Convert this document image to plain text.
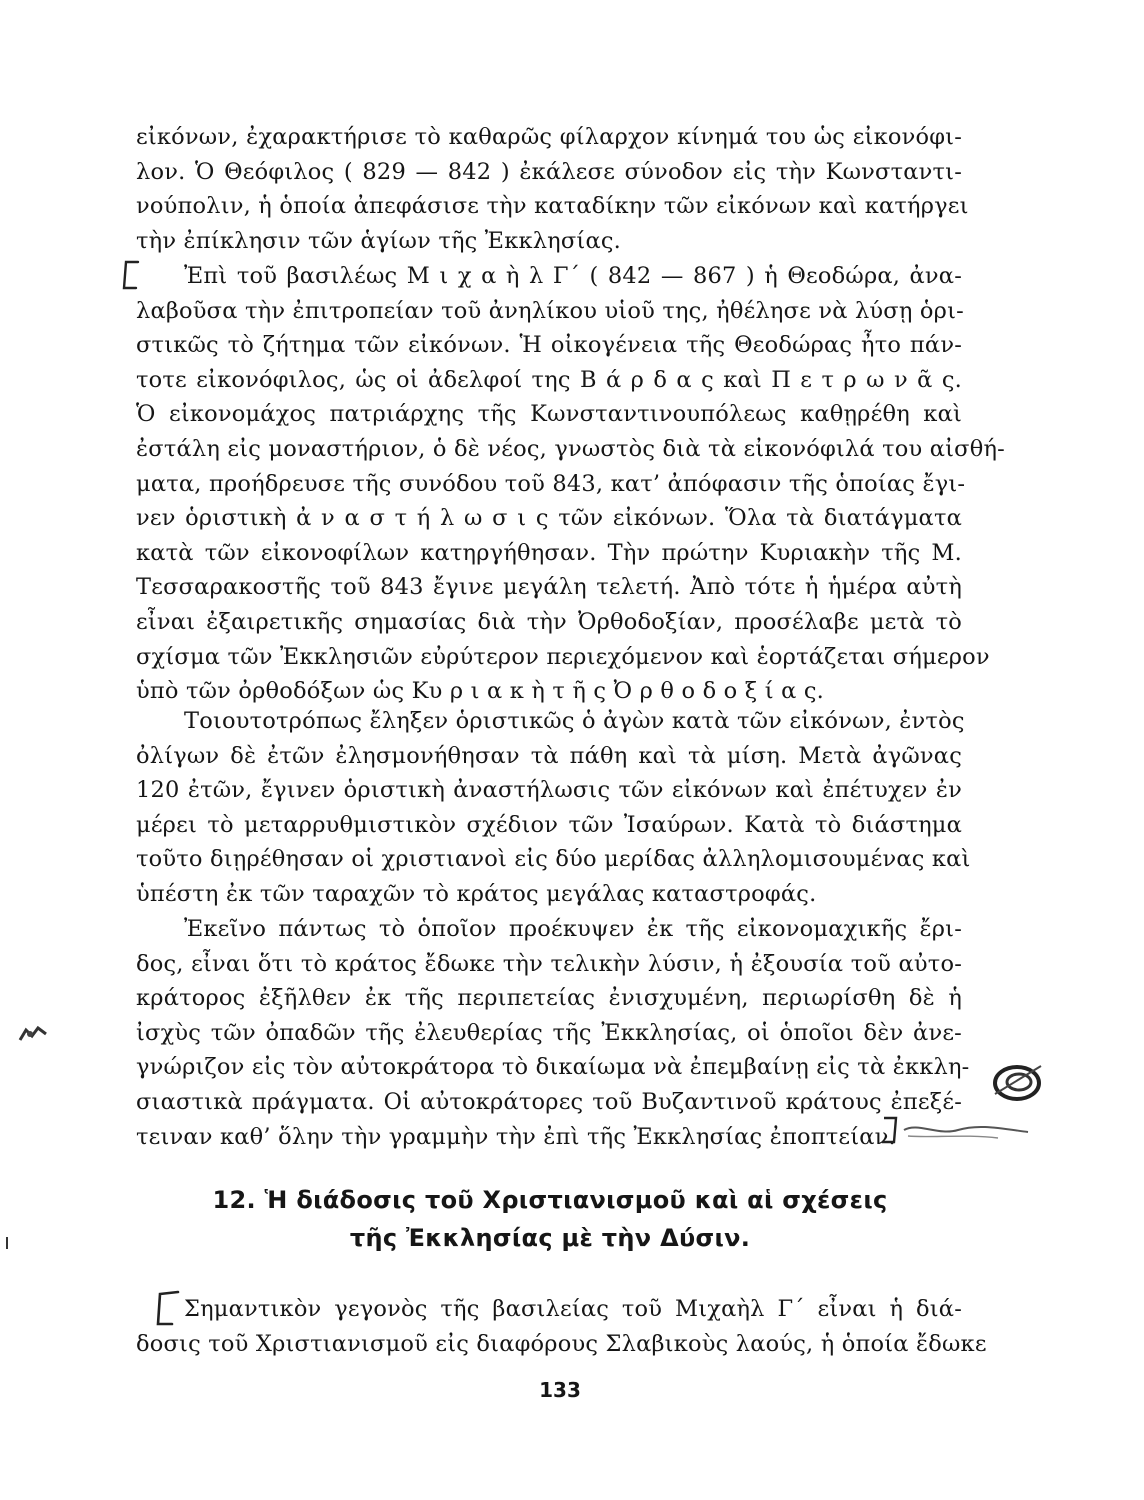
εἰκόνων, ἐχαρακτήρισε τὸ καθαρῶς φίλαρχον κίνημά του ὡς εἰκονόφι-
λον. Ὁ Θεόφιλος ( 829 — 842 ) ἐκάλεσε σύνοδον εἰς τὴν Κωνσταντι-
νούπολιν, ἡ ὁποία ἀπεφάσισε τὴν καταδίκην τῶν εἰκόνων καὶ κατήργει
τὴν ἐπίκλησιν τῶν ἁγίων τῆς Ἐκκλησίας.
Ἐπὶ τοῦ βασιλέως Μ ι χ α ὴ λ Γ΄ ( 842 — 867 ) ἡ Θεοδώρα, ἀνα-
λαβοῦσα τὴν ἐπιτροπείαν τοῦ ἀνηλίκου υἱοῦ της, ἠθέλησε νὰ λύσῃ ὁρι-
στικῶς τὸ ζήτημα τῶν εἰκόνων. Ἡ οἰκογένεια τῆς Θεοδώρας ἦτο πάν-
τοτε εἰκονόφιλος, ὡς οἱ ἀδελφοί της Β ά ρ δ α ς καὶ Π ε τ ρ ω ν ᾶ ς.
Ὁ εἰκονομάχος πατριάρχης τῆς Κωνσταντινουπόλεως καθῃρέθη καὶ
ἐστάλη εἰς μοναστήριον, ὁ δὲ νέος, γνωστὸς διὰ τὰ εἰκονόφιλά του αἰσθή-
ματα, προήδρευσε τῆς συνόδου τοῦ 843, κατ’ ἀπόφασιν τῆς ὁποίας ἔγι-
νεν ὁριστικὴ ἀ ν α σ τ ή λ ω σ ι ς τῶν εἰκόνων. Ὅλα τὰ διατάγματα
κατὰ τῶν εἰκονοφίλων κατηργήθησαν. Τὴν πρώτην Κυριακὴν τῆς Μ.
Τεσσαρακοστῆς τοῦ 843 ἔγινε μεγάλη τελετή. Ἀπὸ τότε ἡ ἡμέρα αὐτὴ
εἶναι ἐξαιρετικῆς σημασίας διὰ τὴν Ὀρθοδοξίαν, προσέλαβε μετὰ τὸ
σχίσμα τῶν Ἐκκλησιῶν εὐρύτερον περιεχόμενον καὶ ἑορτάζεται σήμερον
ὑπὸ τῶν ὀρθοδόξων ὡς Κυ ρ ι α κ ὴ τ ῆ ς Ὀ ρ θ ο δ ο ξ ί α ς.
Τοιουτοτρόπως ἔληξεν ὁριστικῶς ὁ ἀγὼν κατὰ τῶν εἰκόνων, ἐντὸς
ὀλίγων δὲ ἐτῶν ἐλησμονήθησαν τὰ πάθη καὶ τὰ μίση. Μετὰ ἀγῶνας
120 ἐτῶν, ἔγινεν ὁριστικὴ ἀναστήλωσις τῶν εἰκόνων καὶ ἐπέτυχεν ἐν
μέρει τὸ μεταρρυθμιστικὸν σχέδιον τῶν Ἰσαύρων. Κατὰ τὸ διάστημα
τοῦτο διῃρέθησαν οἱ χριστιανοὶ εἰς δύο μερίδας ἀλληλομισουμένας καὶ
ὑπέστη ἐκ τῶν ταραχῶν τὸ κράτος μεγάλας καταστροφάς.
Ἐκεῖνο πάντως τὸ ὁποῖον προέκυψεν ἐκ τῆς εἰκονομαχικῆς ἔρι-
δος, εἶναι ὅτι τὸ κράτος ἔδωκε τὴν τελικὴν λύσιν, ἡ ἐξουσία τοῦ αὐτο-
κράτορος ἐξῆλθεν ἐκ τῆς περιπετείας ἐνισχυμένη, περιωρίσθη δὲ ἡ
ἰσχὺς τῶν ὀπαδῶν τῆς ἐλευθερίας τῆς Ἐκκλησίας, οἱ ὁποῖοι δὲν ἀνε-
γνώριζον εἰς τὸν αὐτοκράτορα τὸ δικαίωμα νὰ ἐπεμβαίνῃ εἰς τὰ ἐκκλη-
σιαστικὰ πράγματα. Οἱ αὐτοκράτορες τοῦ Βυζαντινοῦ κράτους ἐπεξέ-
τειναν καθ’ ὅλην τὴν γραμμὴν τὴν ἐπὶ τῆς Ἐκκλησίας ἐποπτείαν.
12. Ἡ διάδοσις τοῦ Χριστιανισμοῦ καὶ αἱ σχέσεις
τῆς Ἐκκλησίας μὲ τὴν Δύσιν.
Σημαντικὸν γεγονὸς τῆς βασιλείας τοῦ Μιχαὴλ Γ΄ εἶναι ἡ διά-
δοσις τοῦ Χριστιανισμοῦ εἰς διαφόρους Σλαβικοὺς λαούς, ἡ ὁποία ἔδωκε
133
